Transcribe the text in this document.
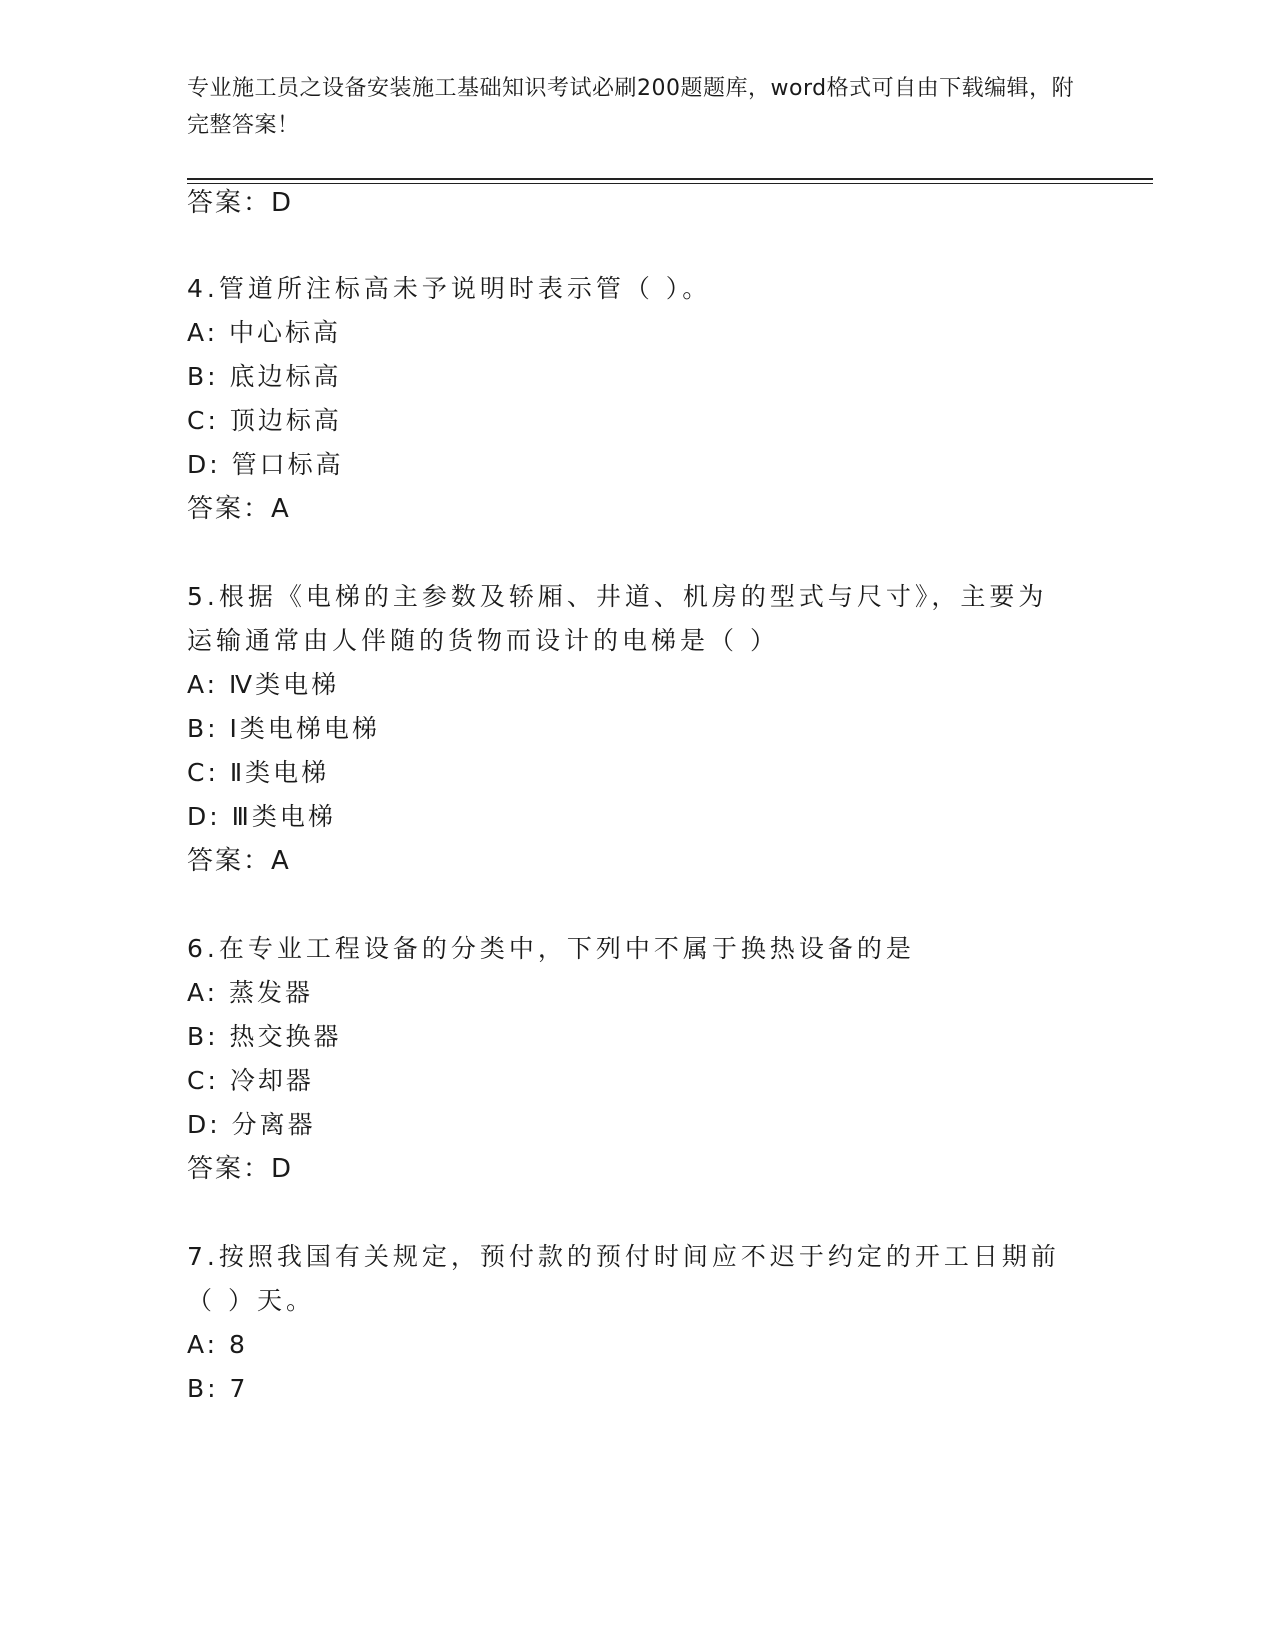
专业施工员之设备安装施工基础知识考试必刷200题题库，word格式可自由下载编辑，附完整答案！
答案：D
4.管道所注标高未予说明时表示管（ ）。
A: 中心标高
B: 底边标高
C: 顶边标高
D: 管口标高
答案：A
5.根据《电梯的主参数及轿厢、井道、机房的型式与尺寸》，主要为
运输通常由人伴随的货物而设计的电梯是（ ）
A: Ⅳ类电梯
B: Ⅰ类电梯电梯
C: Ⅱ类电梯
D: Ⅲ类电梯
答案：A
6.在专业工程设备的分类中，下列中不属于换热设备的是
A: 蒸发器
B: 热交换器
C: 冷却器
D: 分离器
答案：D
7.按照我国有关规定，预付款的预付时间应不迟于约定的开工日期前
（ ）天。
A: 8
B: 7
